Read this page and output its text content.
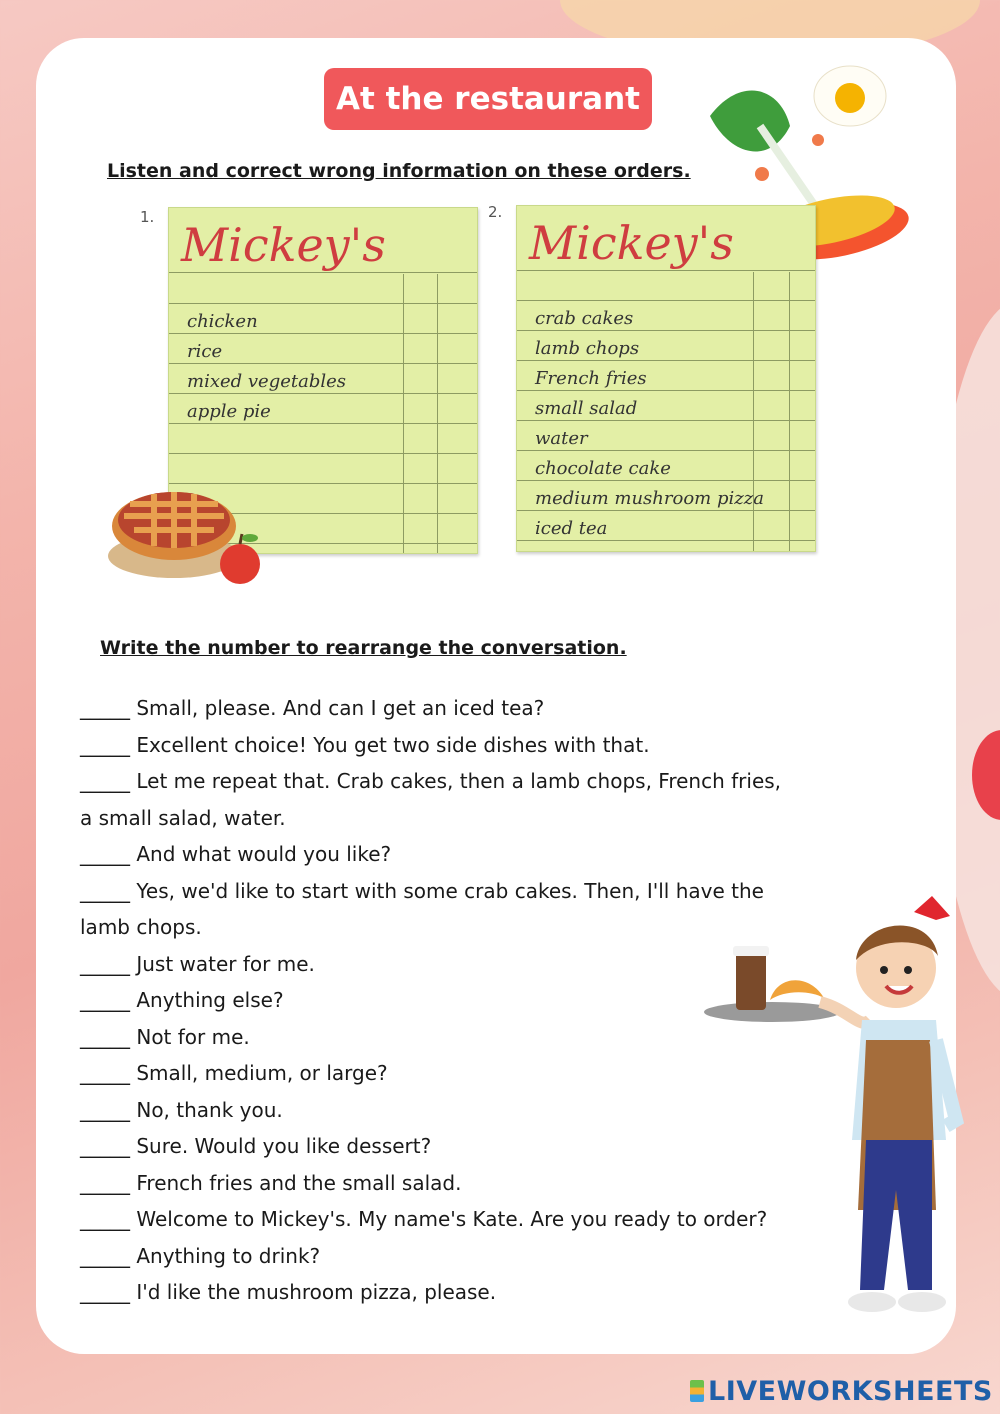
At the restaurant
Listen and correct wrong information on these orders.
1.	2.
Mickey's
chicken
rice
mixed vegetables
apple pie
Mickey's
crab cakes
lamb chops
French fries
small salad
water
chocolate cake
medium mushroom pizza
iced tea
Write the number to rearrange the conversation.
_____ Small, please. And can I get an iced tea?
_____ Excellent choice! You get two side dishes with that.
_____ Let me repeat that. Crab cakes, then a lamb chops, French fries,
a small salad, water.
_____ And what would you like?
_____ Yes, we'd like to start with some crab cakes. Then, I'll have the
lamb chops.
_____ Just water for me.
_____ Anything else?
_____ Not for me.
_____ Small, medium, or large?
_____ No, thank you.
_____ Sure. Would you like dessert?
_____ French fries and the small salad.
_____ Welcome to Mickey's. My name's Kate. Are you ready to order?
_____ Anything to drink?
_____ I'd like the mushroom pizza, please.
LIVEWORKSHEETS
